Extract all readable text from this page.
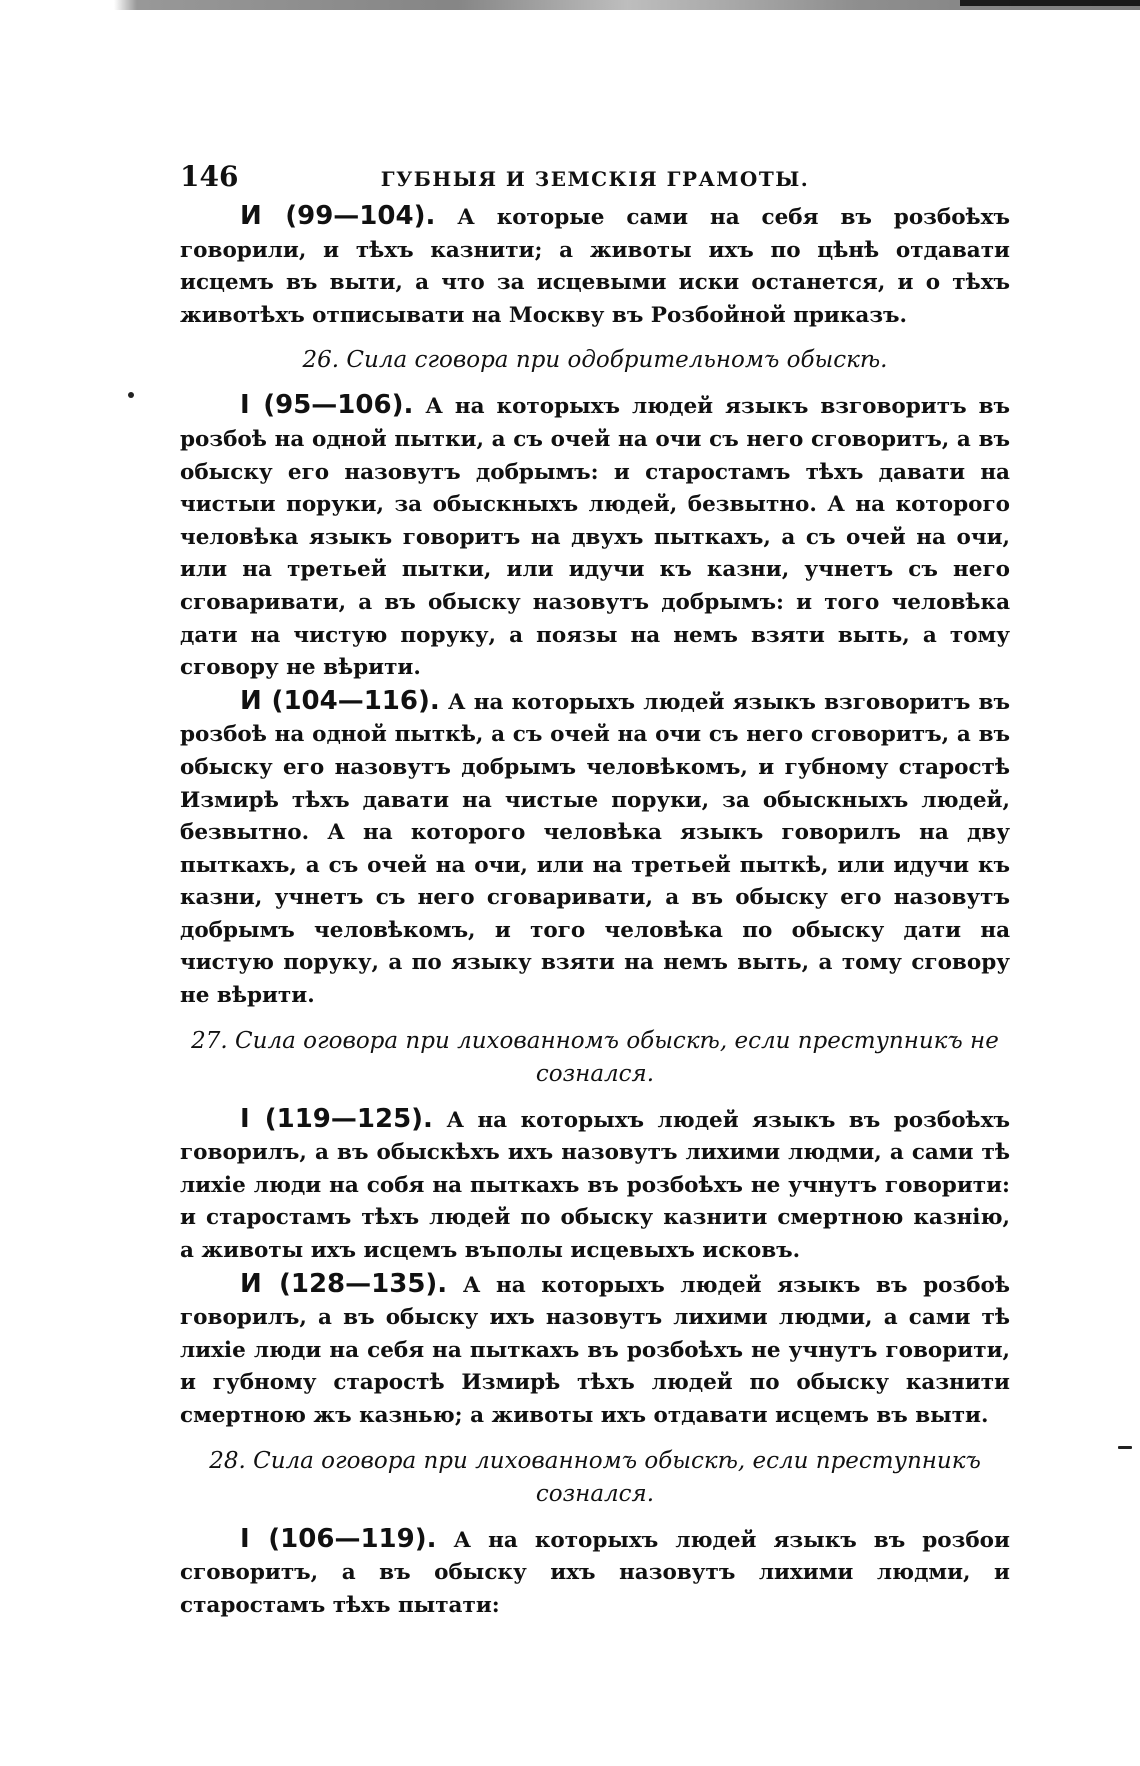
146	ГУБНЫЯ И ЗЕМСКІЯ ГРАМОТЫ.

И (99—104). А которые сами на себя въ розбоѣхъ говорили, и тѣхъ казнити; а животы ихъ по цѣнѣ отдавати исцемъ въ выти, а что за исцевыми иски останется, и о тѣхъ животѣхъ отписывати на Москву въ Розбойной приказъ.

26. Сила сговора при одобрительномъ обыскѣ.

І (95—106). А на которыхъ людей языкъ взговоритъ въ розбоѣ на одной пытки, а съ очей на очи съ него сговоритъ, а въ обыску его назовутъ добрымъ: и старостамъ тѣхъ давати на чистыи поруки, за обыскныхъ людей, безвытно. А на которого человѣка языкъ говоритъ на двухъ пыткахъ, а съ очей на очи, или на третьей пытки, или идучи къ казни, учнетъ съ него сговаривати, а въ обыску назовутъ добрымъ: и того человѣка дати на чистую поруку, а поязы на немъ взяти выть, а тому сговору не вѣрити.

И (104—116). А на которыхъ людей языкъ взговоритъ въ розбоѣ на одной пыткѣ, а съ очей на очи съ него сговоритъ, а въ обыску его назовутъ добрымъ человѣкомъ, и губному старостѣ Измирѣ тѣхъ давати на чистые поруки, за обыскныхъ людей, безвытно. А на которого человѣка языкъ говорилъ на дву пыткахъ, а съ очей на очи, или на третьей пыткѣ, или идучи къ казни, учнетъ съ него сговаривати, а въ обыску его назовутъ добрымъ человѣкомъ, и того человѣка по обыску дати на чистую поруку, а по языку взяти на немъ выть, а тому сговору не вѣрити.

27. Сила оговора при лихованномъ обыскѣ, если преступникъ не сознался.

І (119—125). А на которыхъ людей языкъ въ розбоѣхъ говорилъ, а въ обыскѣхъ ихъ назовутъ лихими людми, а сами тѣ лихіе люди на собя на пыткахъ въ розбоѣхъ не учнутъ говорити: и старостамъ тѣхъ людей по обыску казнити смертною казнію, а животы ихъ исцемъ въполы исцевыхъ исковъ.

И (128—135). А на которыхъ людей языкъ въ розбоѣ говорилъ, а въ обыску ихъ назовутъ лихими людми, а сами тѣ лихіе люди на себя на пыткахъ въ розбоѣхъ не учнутъ говорити, и губному старостѣ Измирѣ тѣхъ людей по обыску казнити смертною жъ казнью; а животы ихъ отдавати исцемъ въ выти.

28. Сила оговора при лихованномъ обыскѣ, если преступникъ сознался.

І (106—119). А на которыхъ людей языкъ въ розбои сговоритъ, а въ обыску ихъ назовутъ лихими людми, и старостамъ тѣхъ пытати:
